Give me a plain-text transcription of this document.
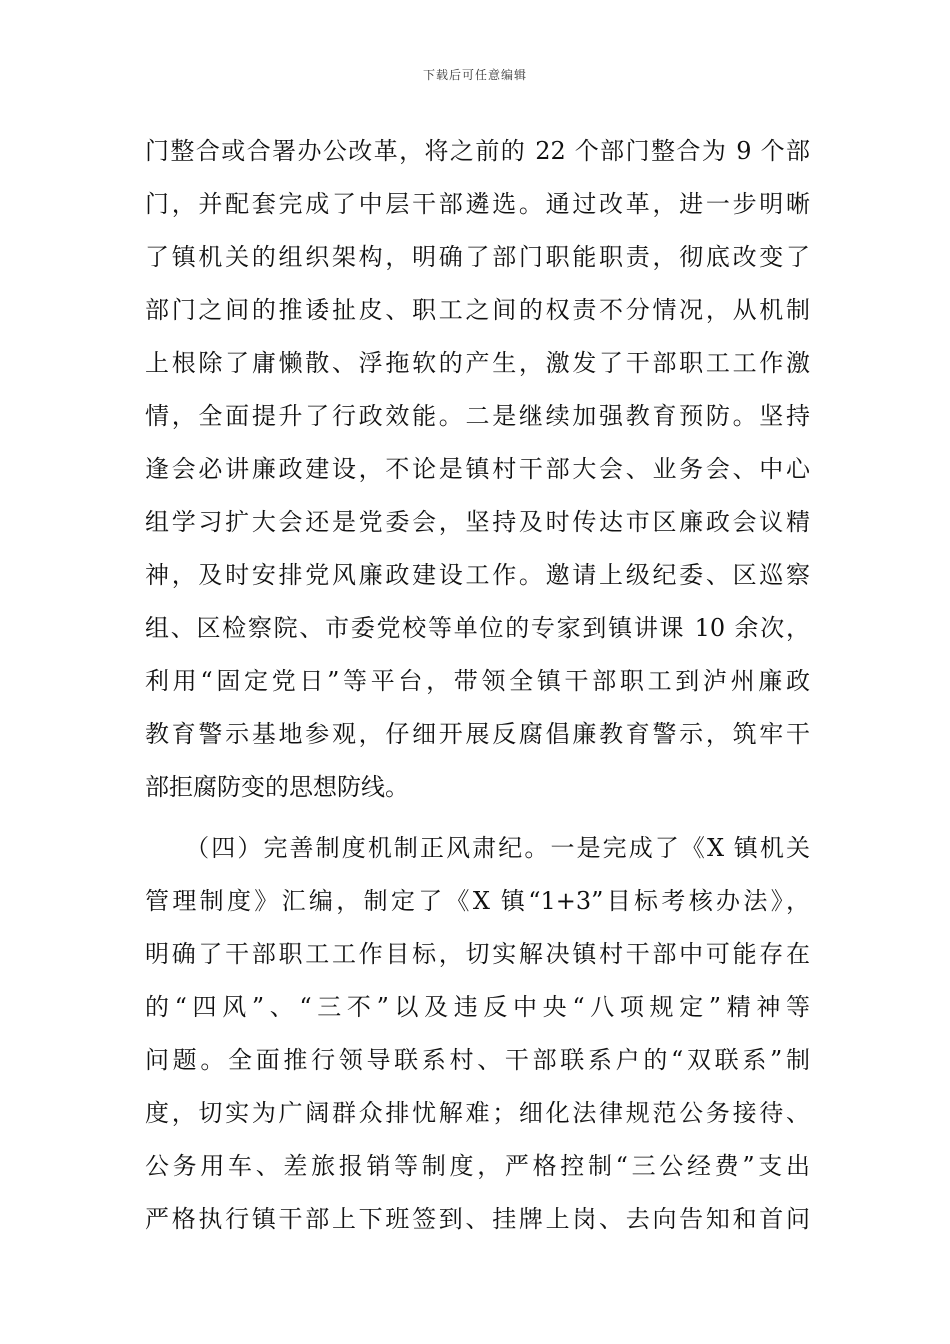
下载后可任意编辑
门整合或合署办公改革，将之前的 22 个部门整合为 9 个部
门，并配套完成了中层干部遴选。通过改革，进一步明晰
了镇机关的组织架构，明确了部门职能职责，彻底改变了
部门之间的推诿扯皮、职工之间的权责不分情况，从机制
上根除了庸懒散、浮拖软的产生，激发了干部职工工作激
情，全面提升了行政效能。二是继续加强教育预防。坚持
逢会必讲廉政建设，不论是镇村干部大会、业务会、中心
组学习扩大会还是党委会，坚持及时传达市区廉政会议精
神，及时安排党风廉政建设工作。邀请上级纪委、区巡察
组、区检察院、市委党校等单位的专家到镇讲课 10 余次，
利用“固定党日”等平台，带领全镇干部职工到泸州廉政
教育警示基地参观，仔细开展反腐倡廉教育警示，筑牢干
部拒腐防变的思想防线。
　　（四）完善制度机制正风肃纪。一是完成了《X 镇机关
管理制度》汇编，制定了《X 镇“1+3”目标考核办法》，
明确了干部职工工作目标，切实解决镇村干部中可能存在
的“四风”、“三不”以及违反中央“八项规定”精神等
问题。全面推行领导联系村、干部联系户的“双联系”制
度，切实为广阔群众排忧解难；细化法律规范公务接待、
公务用车、差旅报销等制度，严格控制“三公经费”支出
严格执行镇干部上下班签到、挂牌上岗、去向告知和首问
